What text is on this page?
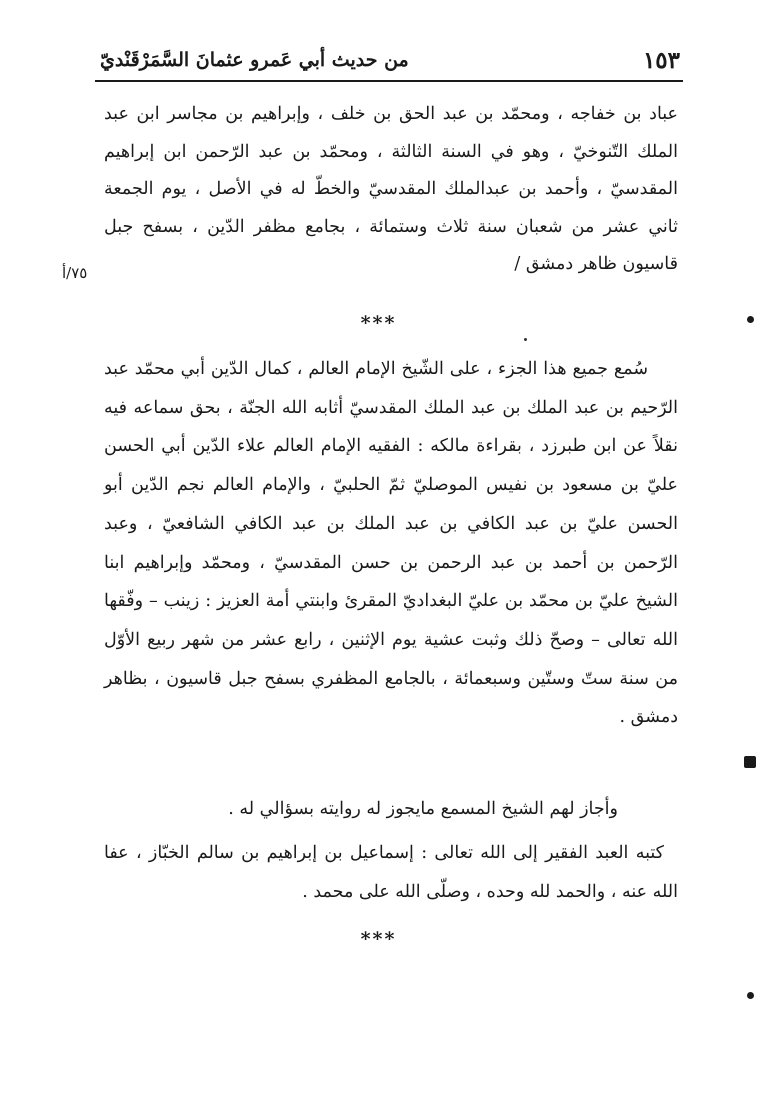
١٥٣
من حديث أبي عَمرو عثمانَ السَّمَرْقَنْديّ

عباد بن خفاجه ، ومحمّد بن عبد الحق بن خلف ، وإبراهيم بن مجاسر ابن عبد الملك التّنوخيّ ، وهو في السنة الثالثة ، ومحمّد بن عبد الرّحمن ابن إبراهيم المقدسيّ ، وأحمد بن عبدالملك المقدسيّ والخطّ له في الأصل ، يوم الجمعة ثاني عشر من شعبان سنة ثلاث وستمائة ، بجامع مظفر الدّين ، بسفح جبل قاسيون ظاهر دمشق /

٧٥/أ
***

سُمع جميع هذا الجزء ، على الشّيخ الإمام العالم ، كمال الدّين أبي محمّد عبد الرّحيم بن عبد الملك بن عبد الملك المقدسيّ أثابه الله الجنّة ، بحق سماعه فيه نقلاً عن ابن طبرزد ، بقراءة مالكه : الفقيه الإمام العالم علاء الدّين أبي الحسن عليّ بن مسعود بن نفيس الموصليّ ثمّ الحلبيّ ، والإمام العالم نجم الدّين أبو الحسن عليّ بن عبد الكافي بن عبد الملك بن عبد الكافي الشافعيّ ، وعبد الرّحمن بن أحمد بن عبد الرحمن بن حسن المقدسيّ ، ومحمّد وإبراهيم ابنا الشيخ عليّ بن محمّد بن عليّ البغداديّ المقرئ وابنتي أمة العزيز : زينب – وفّقها الله تعالى – وصحّ ذلك وثبت عشية يوم الإثنين ، رابع عشر من شهر ربيع الأوّل من سنة ستّ وستّين وسبعمائة ، بالجامع المظفري بسفح جبل قاسيون ، بظاهر دمشق .

وأجاز لهم الشيخ المسمع مايجوز له روايته بسؤالي له .

كتبه العبد الفقير إلى الله تعالى : إسماعيل بن إبراهيم بن سالم الخبّاز ، عفا الله عنه ، والحمد لله وحده ، وصلّى الله على محمد .

***
